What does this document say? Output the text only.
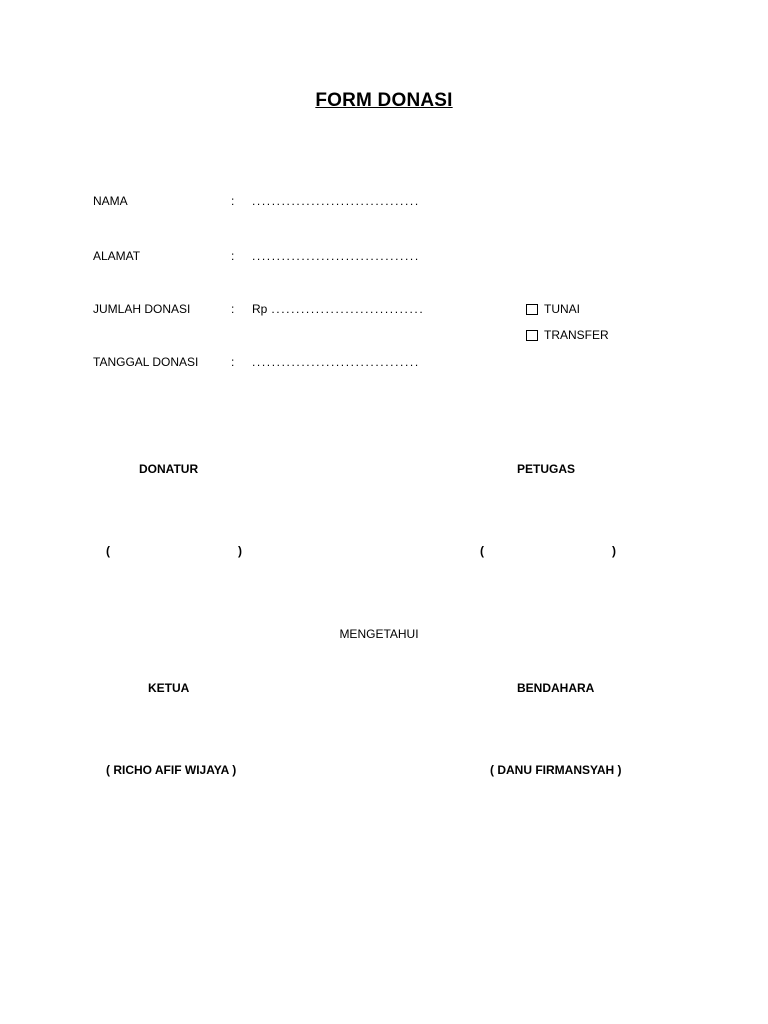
FORM DONASI
NAMA	: ..................................
ALAMAT	: ..................................
JUMLAH DONASI	: Rp ...............................	TUNAI
TRANSFER
TANGGAL DONASI	: ..................................
DONATUR	PETUGAS
(	)	(	)
MENGETAHUI
KETUA	BENDAHARA
( RICHO AFIF WIJAYA )	( DANU FIRMANSYAH )
